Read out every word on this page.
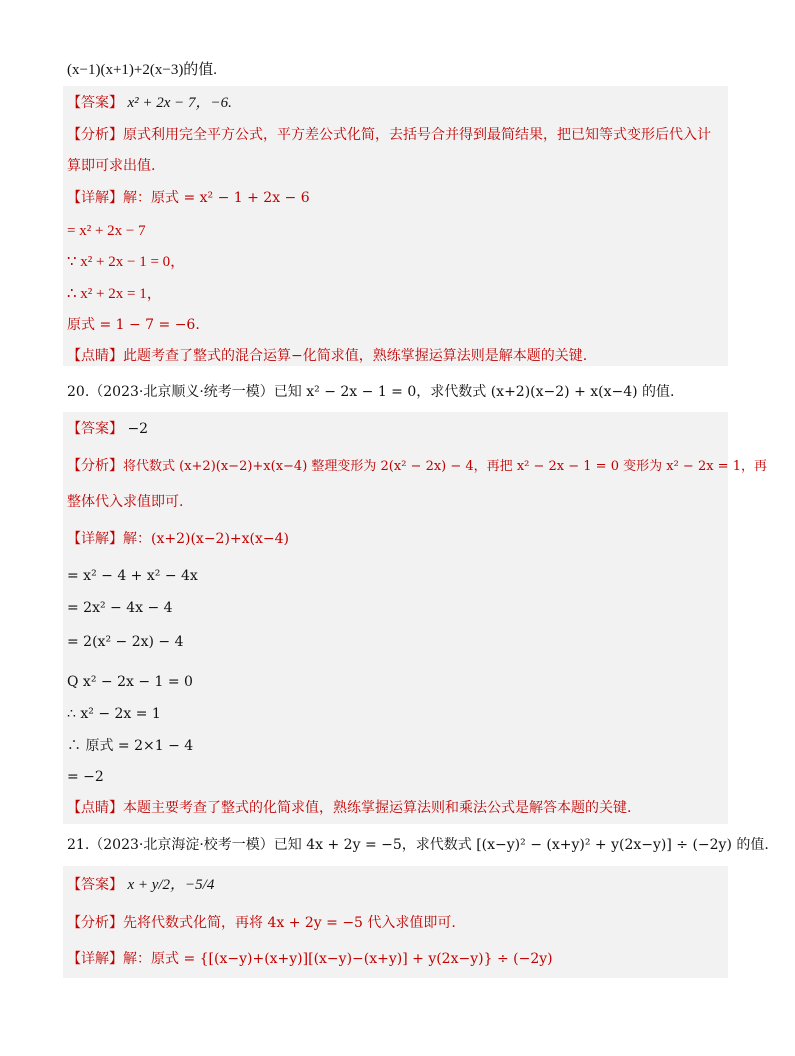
(x−1)(x+1)+2(x−3)的值.
【答案】 x² + 2x − 7，−6.
【分析】原式利用完全平方公式，平方差公式化简，去括号合并得到最简结果，把已知等式变形后代入计
算即可求出值.
【详解】解：原式 = x² − 1 + 2x − 6
= x² + 2x − 7
∵ x² + 2x − 1 = 0，
∴ x² + 2x = 1，
原式 = 1 − 7 = −6.
【点睛】此题考查了整式的混合运算−化简求值，熟练掌握运算法则是解本题的关键.
20.（2023·北京顺义·统考一模）已知 x² − 2x − 1 = 0，求代数式 (x+2)(x−2) + x(x−4) 的值.
【答案】 −2
【分析】将代数式 (x+2)(x−2)+x(x−4) 整理变形为 2(x² − 2x) − 4，再把 x² − 2x − 1 = 0 变形为 x² − 2x = 1，再
整体代入求值即可.
【详解】解：(x+2)(x−2)+x(x−4)
= x² − 4 + x² − 4x
= 2x² − 4x − 4
= 2(x² − 2x) − 4
Q x² − 2x − 1 = 0
∴ x² − 2x = 1
∴ 原式 = 2×1 − 4
= −2
【点睛】本题主要考查了整式的化简求值，熟练掌握运算法则和乘法公式是解答本题的关键.
21.（2023·北京海淀·校考一模）已知 4x + 2y = −5，求代数式 [(x−y)² − (x+y)² + y(2x−y)] ÷ (−2y) 的值.
【答案】 x + y/2，−5/4
【分析】先将代数式化简，再将 4x + 2y = −5 代入求值即可.
【详解】解：原式 = {[(x−y)+(x+y)][(x−y)−(x+y)] + y(2x−y)} ÷ (−2y)
